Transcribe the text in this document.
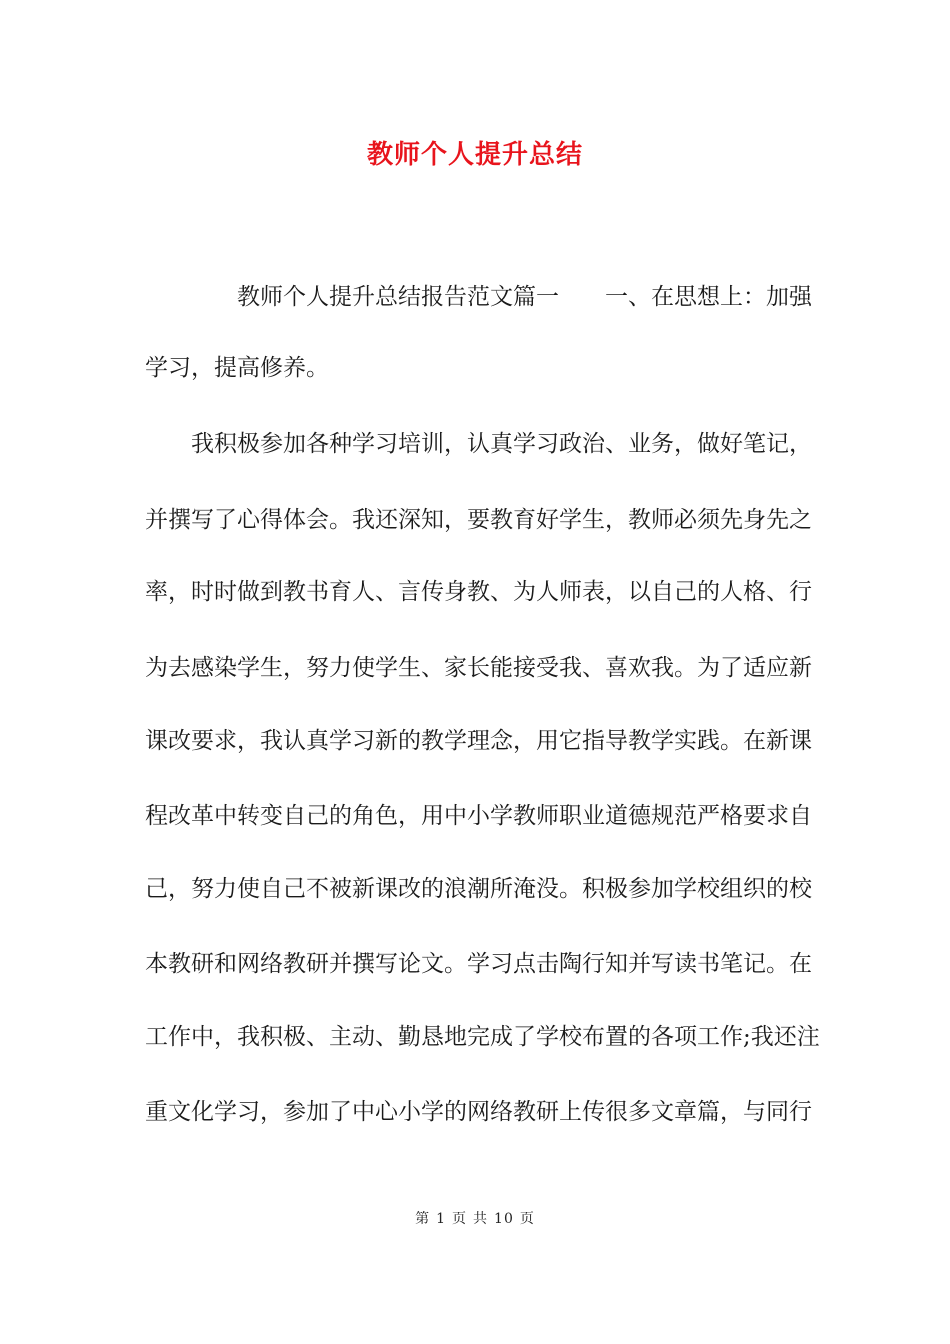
教师个人提升总结
　　　　教师个人提升总结报告范文篇一　　一、在思想上：加强
学习，提高修养。
　　我积极参加各种学习培训，认真学习政治、业务，做好笔记，
并撰写了心得体会。我还深知，要教育好学生，教师必须先身先之
率，时时做到教书育人、言传身教、为人师表，以自己的人格、行
为去感染学生，努力使学生、家长能接受我、喜欢我。为了适应新
课改要求，我认真学习新的教学理念，用它指导教学实践。在新课
程改革中转变自己的角色，用中小学教师职业道德规范严格要求自
己，努力使自己不被新课改的浪潮所淹没。积极参加学校组织的校
本教研和网络教研并撰写论文。学习点击陶行知并写读书笔记。在
工作中，我积极、主动、勤恳地完成了学校布置的各项工作;我还注
重文化学习，参加了中心小学的网络教研上传很多文章篇，与同行
第 1 页 共 10 页
